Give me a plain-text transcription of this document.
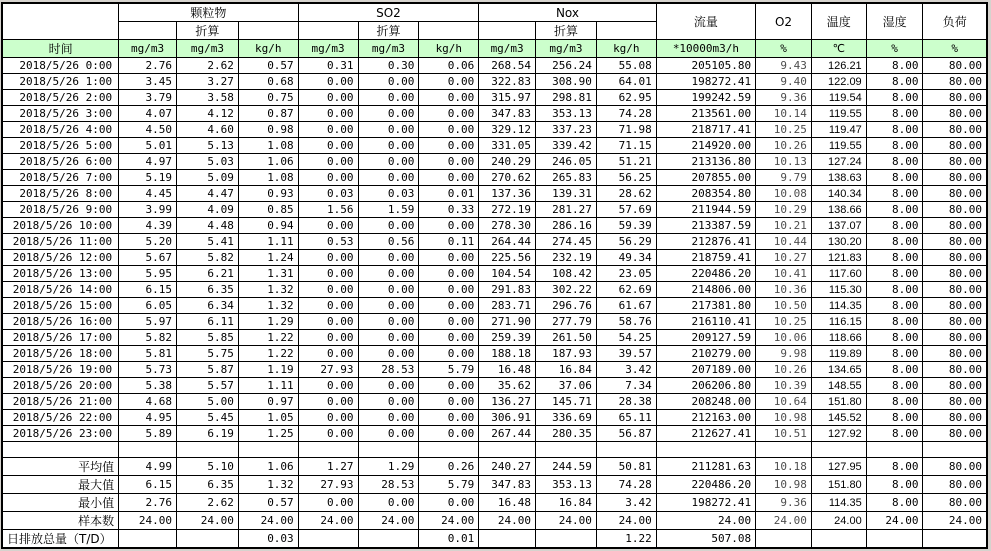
	颗粒物			SO2			Nox			流量	O2	温度	湿度	负荷
		折算			折算			折算						
时间	mg/m3	mg/m3	kg/h	mg/m3	mg/m3	kg/h	mg/m3	mg/m3	kg/h	*10000m3/h	%	℃	%	%
2018/5/26 0:00	2.76	2.62	0.57	0.31	0.30	0.06	268.54	256.24	55.08	205105.80	9.43	126.21	8.00	80.00
2018/5/26 1:00	3.45	3.27	0.68	0.00	0.00	0.00	322.83	308.90	64.01	198272.41	9.40	122.09	8.00	80.00
2018/5/26 2:00	3.79	3.58	0.75	0.00	0.00	0.00	315.97	298.81	62.95	199242.59	9.36	119.54	8.00	80.00
2018/5/26 3:00	4.07	4.12	0.87	0.00	0.00	0.00	347.83	353.13	74.28	213561.00	10.14	119.55	8.00	80.00
2018/5/26 4:00	4.50	4.60	0.98	0.00	0.00	0.00	329.12	337.23	71.98	218717.41	10.25	119.47	8.00	80.00
2018/5/26 5:00	5.01	5.13	1.08	0.00	0.00	0.00	331.05	339.42	71.15	214920.00	10.26	119.55	8.00	80.00
2018/5/26 6:00	4.97	5.03	1.06	0.00	0.00	0.00	240.29	246.05	51.21	213136.80	10.13	127.24	8.00	80.00
2018/5/26 7:00	5.19	5.09	1.08	0.00	0.00	0.00	270.62	265.83	56.25	207855.00	9.79	138.63	8.00	80.00
2018/5/26 8:00	4.45	4.47	0.93	0.03	0.03	0.01	137.36	139.31	28.62	208354.80	10.08	140.34	8.00	80.00
2018/5/26 9:00	3.99	4.09	0.85	1.56	1.59	0.33	272.19	281.27	57.69	211944.59	10.29	138.66	8.00	80.00
2018/5/26 10:00	4.39	4.48	0.94	0.00	0.00	0.00	278.30	286.16	59.39	213387.59	10.21	137.07	8.00	80.00
2018/5/26 11:00	5.20	5.41	1.11	0.53	0.56	0.11	264.44	274.45	56.29	212876.41	10.44	130.20	8.00	80.00
2018/5/26 12:00	5.67	5.82	1.24	0.00	0.00	0.00	225.56	232.19	49.34	218759.41	10.27	121.83	8.00	80.00
2018/5/26 13:00	5.95	6.21	1.31	0.00	0.00	0.00	104.54	108.42	23.05	220486.20	10.41	117.60	8.00	80.00
2018/5/26 14:00	6.15	6.35	1.32	0.00	0.00	0.00	291.83	302.22	62.69	214806.00	10.36	115.30	8.00	80.00
2018/5/26 15:00	6.05	6.34	1.32	0.00	0.00	0.00	283.71	296.76	61.67	217381.80	10.50	114.35	8.00	80.00
2018/5/26 16:00	5.97	6.11	1.29	0.00	0.00	0.00	271.90	277.79	58.76	216110.41	10.25	116.15	8.00	80.00
2018/5/26 17:00	5.82	5.85	1.22	0.00	0.00	0.00	259.39	261.50	54.25	209127.59	10.06	118.66	8.00	80.00
2018/5/26 18:00	5.81	5.75	1.22	0.00	0.00	0.00	188.18	187.93	39.57	210279.00	9.98	119.89	8.00	80.00
2018/5/26 19:00	5.73	5.87	1.19	27.93	28.53	5.79	16.48	16.84	3.42	207189.00	10.26	134.65	8.00	80.00
2018/5/26 20:00	5.38	5.57	1.11	0.00	0.00	0.00	35.62	37.06	7.34	206206.80	10.39	148.55	8.00	80.00
2018/5/26 21:00	4.68	5.00	0.97	0.00	0.00	0.00	136.27	145.71	28.38	208248.00	10.64	151.80	8.00	80.00
2018/5/26 22:00	4.95	5.45	1.05	0.00	0.00	0.00	306.91	336.69	65.11	212163.00	10.98	145.52	8.00	80.00
2018/5/26 23:00	5.89	6.19	1.25	0.00	0.00	0.00	267.44	280.35	56.87	212627.41	10.51	127.92	8.00	80.00

平均值	4.99	5.10	1.06	1.27	1.29	0.26	240.27	244.59	50.81	211281.63	10.18	127.95	8.00	80.00
最大值	6.15	6.35	1.32	27.93	28.53	5.79	347.83	353.13	74.28	220486.20	10.98	151.80	8.00	80.00
最小值	2.76	2.62	0.57	0.00	0.00	0.00	16.48	16.84	3.42	198272.41	9.36	114.35	8.00	80.00
样本数	24.00	24.00	24.00	24.00	24.00	24.00	24.00	24.00	24.00	24.00	24.00	24.00	24.00	24.00
日排放总量（T/D）			0.03			0.01			1.22	507.08				
